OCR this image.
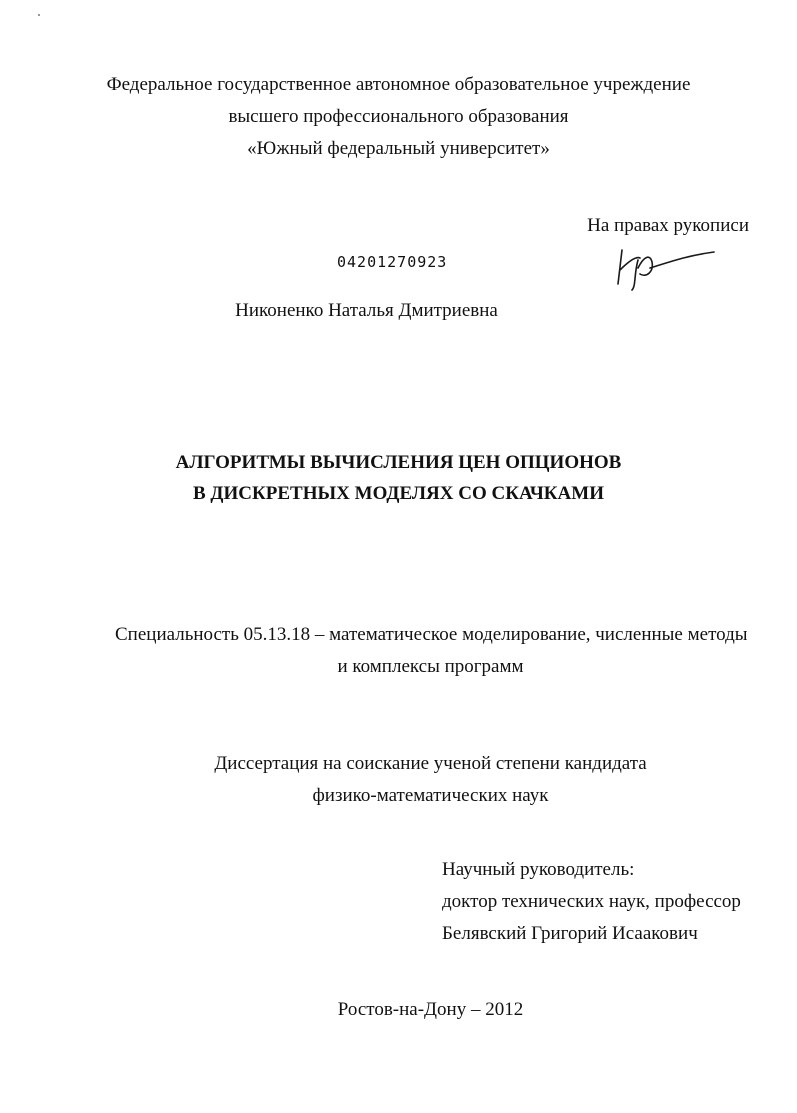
Федеральное государственное автономное образовательное учреждение
высшего профессионального образования
«Южный федеральный университет»
На правах рукописи
04201270923
Никоненко Наталья Дмитриевна
АЛГОРИТМЫ ВЫЧИСЛЕНИЯ ЦЕН ОПЦИОНОВ
В ДИСКРЕТНЫХ МОДЕЛЯХ СО СКАЧКАМИ
Специальность 05.13.18 – математическое моделирование, численные методы
и комплексы программ
Диссертация на соискание ученой степени кандидата
физико-математических наук
Научный руководитель:
доктор технических наук, профессор
Белявский Григорий Исаакович
Ростов-на-Дону – 2012
